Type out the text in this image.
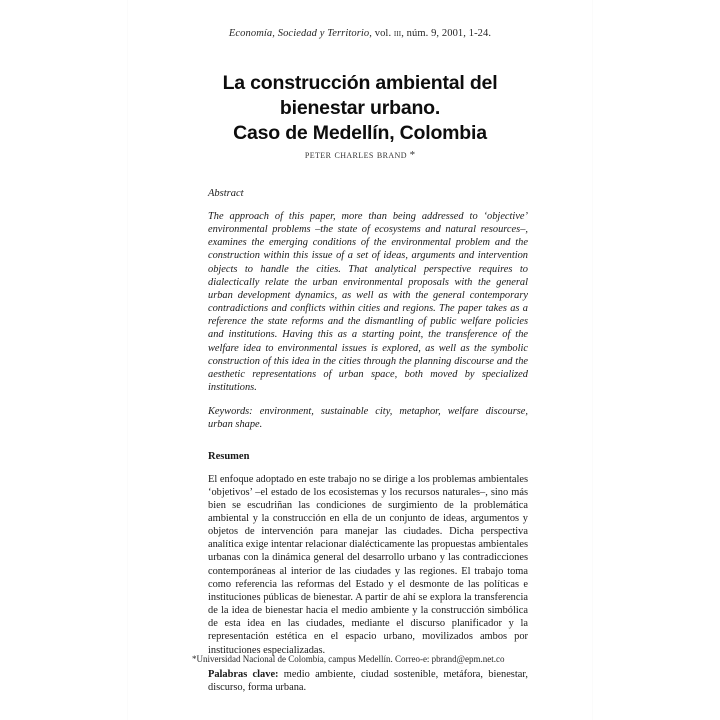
Economía, Sociedad y Territorio, vol. iii, núm. 9, 2001, 1-24.
La construcción ambiental del
bienestar urbano.
Caso de Medellín, Colombia
peter charles brand *
Abstract

The approach of this paper, more than being addressed to ‘objective’ environmental problems –the state of ecosystems and natural resources–, examines the emerging conditions of the environmental problem and the construction within this issue of a set of ideas, arguments and intervention objects to handle the cities. That analytical perspective requires to dialectically relate the urban environmental proposals with the general urban development dynamics, as well as with the general contemporary contradictions and conflicts within cities and regions. The paper takes as a reference the state reforms and the dismantling of public welfare policies and institutions. Having this as a starting point, the transference of the welfare idea to environmental issues is explored, as well as the symbolic construction of this idea in the cities through the planning discourse and the aesthetic representations of urban space, both moved by specialized institutions.

Keywords: environment, sustainable city, metaphor, welfare discourse, urban shape.

Resumen

El enfoque adoptado en este trabajo no se dirige a los problemas ambientales ‘objetivos’ –el estado de los ecosistemas y los recursos naturales–, sino más bien se escudriñan las condiciones de surgimiento de la problemática ambiental y la construcción en ella de un conjunto de ideas, argumentos y objetos de intervención para manejar las ciudades. Dicha perspectiva analítica exige intentar relacionar dialécticamente las propuestas ambientales urbanas con la dinámica general del desarrollo urbano y las contradicciones contemporáneas al interior de las ciudades y las regiones. El trabajo toma como referencia las reformas del Estado y el desmonte de las políticas e instituciones públicas de bienestar. A partir de ahí se explora la transferencia de la idea de bienestar hacia el medio ambiente y la construcción simbólica de esta idea en las ciudades, mediante el discurso planificador y la representación estética en el espacio urbano, movilizados ambos por instituciones especializadas.

Palabras clave: medio ambiente, ciudad sostenible, metáfora, bienestar, discurso, forma urbana.

*Universidad Nacional de Colombia, campus Medellín. Correo-e: pbrand@epm.net.co
